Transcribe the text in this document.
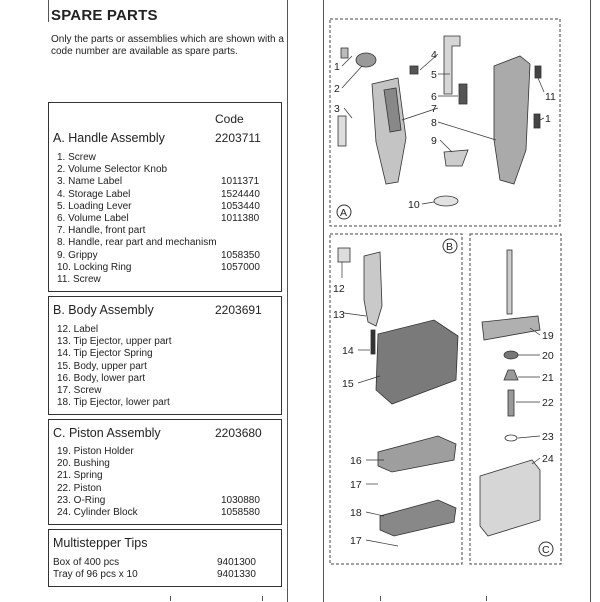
SPARE PARTS
Only the parts or assemblies which are shown with a code number are available as spare parts.
Code
A. Handle Assembly	2203711
1. Screw
2. Volume Selector Knob
3. Name Label	1011371
4. Storage Label	1524440
5. Loading Lever	1053440
6. Volume Label	1011380
7. Handle, front part
8. Handle, rear part and mechanism
9. Grippy	1058350
10. Locking Ring	1057000
11. Screw
B. Body Assembly	2203691
12. Label
13. Tip Ejector, upper part
14. Tip Ejector Spring
15. Body, upper part
16. Body, lower part
17. Screw
18. Tip Ejector, lower part
C. Piston Assembly	2203680
19. Piston Holder
20. Bushing
21. Spring
22. Piston
23. O-Ring	1030880
24. Cylinder Block	1058580
Multistepper Tips
Box of 400 pcs	9401300
Tray of 96 pcs x 10	9401330
A
B
C
1
2
3
4
5
6
7
8
9
10
11
1
12
13
14
15
16
17
18
17
19
20
21
22
23
24
